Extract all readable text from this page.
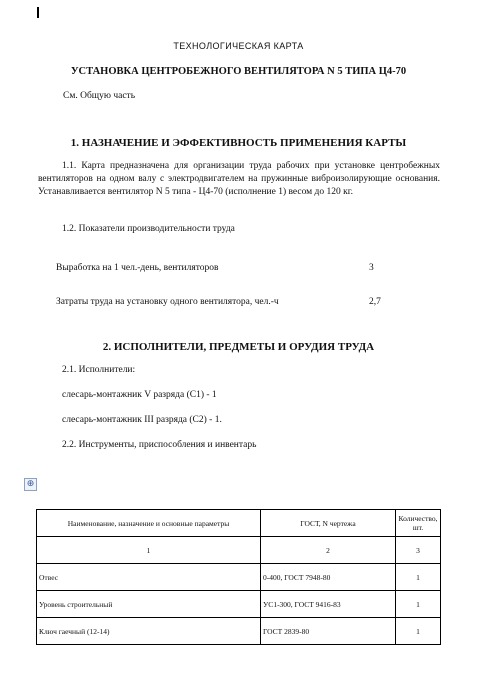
ТЕХНОЛОГИЧЕСКАЯ КАРТА
УСТАНОВКА ЦЕНТРОБЕЖНОГО ВЕНТИЛЯТОРА N 5 ТИПА Ц4-70
См. Общую часть
1. НАЗНАЧЕНИЕ И ЭФФЕКТИВНОСТЬ ПРИМЕНЕНИЯ КАРТЫ
1.1. Карта предназначена для организации труда рабочих при установке центробежных вентиляторов на одном валу с электродвигателем на пружинные виброизолирующие основания. Устанавливается вентилятор N 5 типа - Ц4-70 (исполнение 1) весом до 120 кг.
1.2. Показатели производительности труда
Выработка на 1 чел.-день, вентиляторов	3
Затраты труда на установку одного вентилятора, чел.-ч	2,7
2. ИСПОЛНИТЕЛИ, ПРЕДМЕТЫ И ОРУДИЯ ТРУДА
2.1. Исполнители:
слесарь-монтажник V разряда (С1) - 1
слесарь-монтажник III разряда (С2) - 1.
2.2. Инструменты, приспособления и инвентарь
⊕
Наименование, назначение и основные параметры	ГОСТ, N чертежа	Количество, шт.
1	2	3
Отвес	0-400, ГОСТ 7948-80	1
Уровень строительный	УС1-300, ГОСТ 9416-83	1
Ключ гаечный (12-14)	ГОСТ 2839-80	1
